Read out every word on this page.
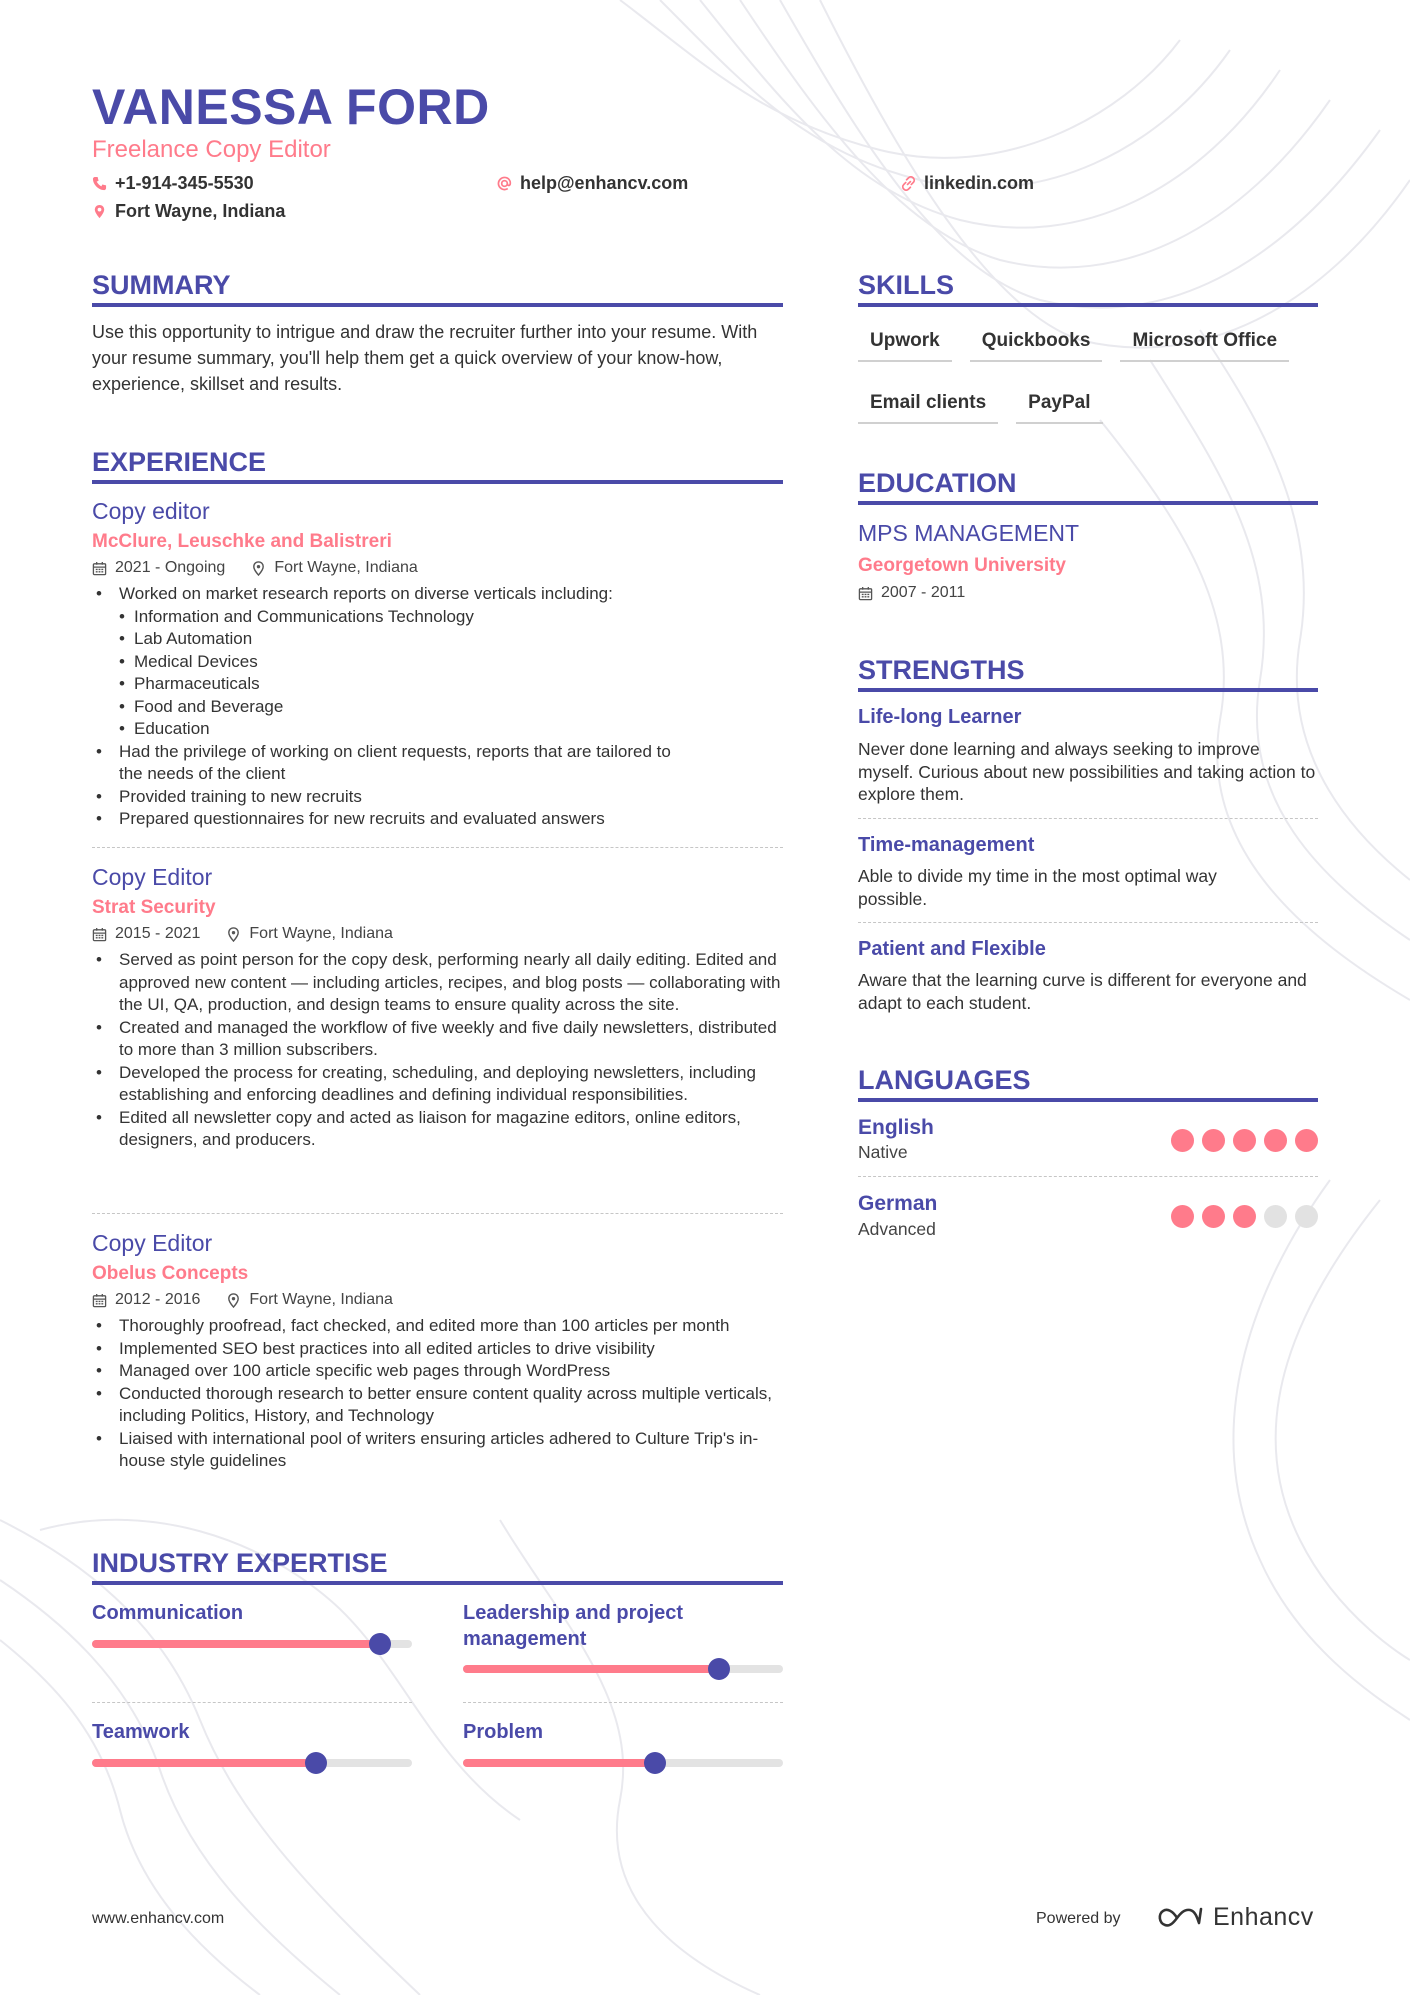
VANESSA FORD
Freelance Copy Editor
+1-914-345-5530	help@enhancv.com	linkedin.com
Fort Wayne, Indiana
SUMMARY
Use this opportunity to intrigue and draw the recruiter further into your resume. With your resume summary, you'll help them get a quick overview of your know-how, experience, skillset and results.
EXPERIENCE
Copy editor
McClure, Leuschke and Balistreri
2021 - Ongoing	Fort Wayne, Indiana
• Worked on market research reports on diverse verticals including:
• Information and Communications Technology
• Lab Automation
• Medical Devices
• Pharmaceuticals
• Food and Beverage
• Education
• Had the privilege of working on client requests, reports that are tailored to the needs of the client
• Provided training to new recruits
• Prepared questionnaires for new recruits and evaluated answers
Copy Editor
Strat Security
2015 - 2021	Fort Wayne, Indiana
• Served as point person for the copy desk, performing nearly all daily editing. Edited and approved new content — including articles, recipes, and blog posts — collaborating with the UI, QA, production, and design teams to ensure quality across the site.
• Created and managed the workflow of five weekly and five daily newsletters, distributed to more than 3 million subscribers.
• Developed the process for creating, scheduling, and deploying newsletters, including establishing and enforcing deadlines and defining individual responsibilities.
• Edited all newsletter copy and acted as liaison for magazine editors, online editors, designers, and producers.
Copy Editor
Obelus Concepts
2012 - 2016	Fort Wayne, Indiana
• Thoroughly proofread, fact checked, and edited more than 100 articles per month
• Implemented SEO best practices into all edited articles to drive visibility
• Managed over 100 article specific web pages through WordPress
• Conducted thorough research to better ensure content quality across multiple verticals, including Politics, History, and Technology
• Liaised with international pool of writers ensuring articles adhered to Culture Trip's in-house style guidelines
INDUSTRY EXPERTISE
Communication	Leadership and project management
Teamwork	Problem
SKILLS
Upwork	Quickbooks	Microsoft Office
Email clients	PayPal
EDUCATION
MPS MANAGEMENT
Georgetown University
2007 - 2011
STRENGTHS
Life-long Learner
Never done learning and always seeking to improve myself. Curious about new possibilities and taking action to explore them.
Time-management
Able to divide my time in the most optimal way possible.
Patient and Flexible
Aware that the learning curve is different for everyone and adapt to each student.
LANGUAGES
English
Native
German
Advanced
www.enhancv.com	Powered by	Enhancv
